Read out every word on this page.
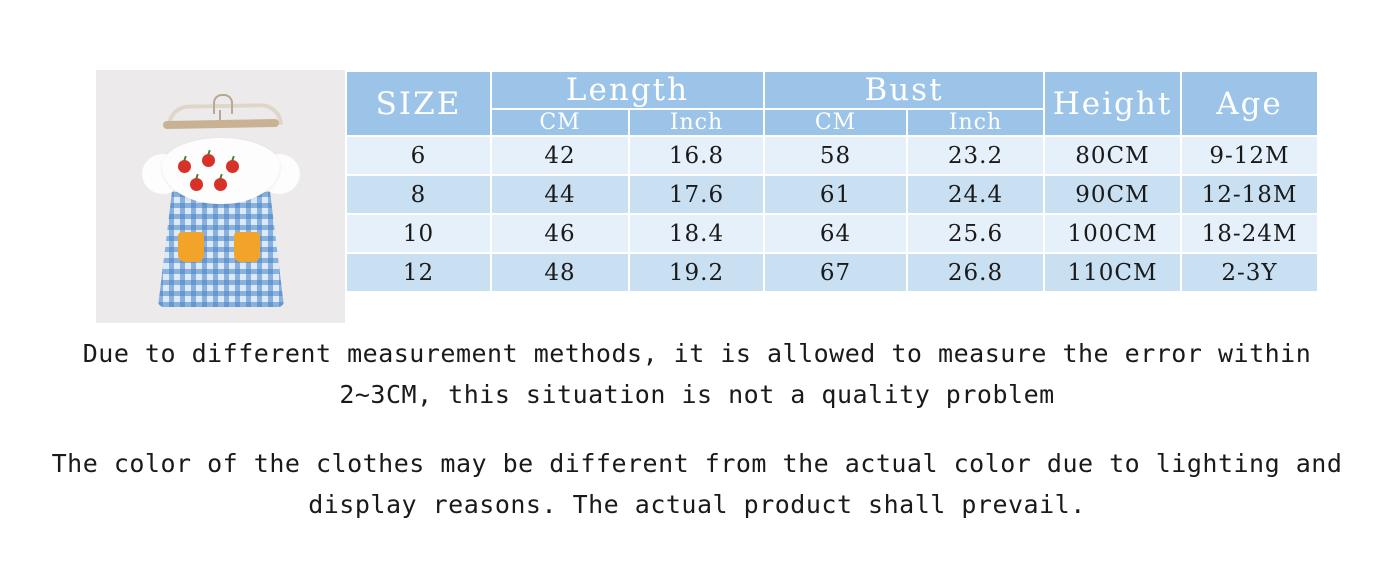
SIZE	Length		Bust		Height	Age
	CM	Inch	CM	Inch		
6	42	16.8	58	23.2	80CM	9-12M
8	44	17.6	61	24.4	90CM	12-18M
10	46	18.4	64	25.6	100CM	18-24M
12	48	19.2	67	26.8	110CM	2-3Y
Due to different measurement methods, it is allowed to measure the error within 2~3CM, this situation is not a quality problem
The color of the clothes may be different from the actual color due to lighting and display reasons. The actual product shall prevail.
